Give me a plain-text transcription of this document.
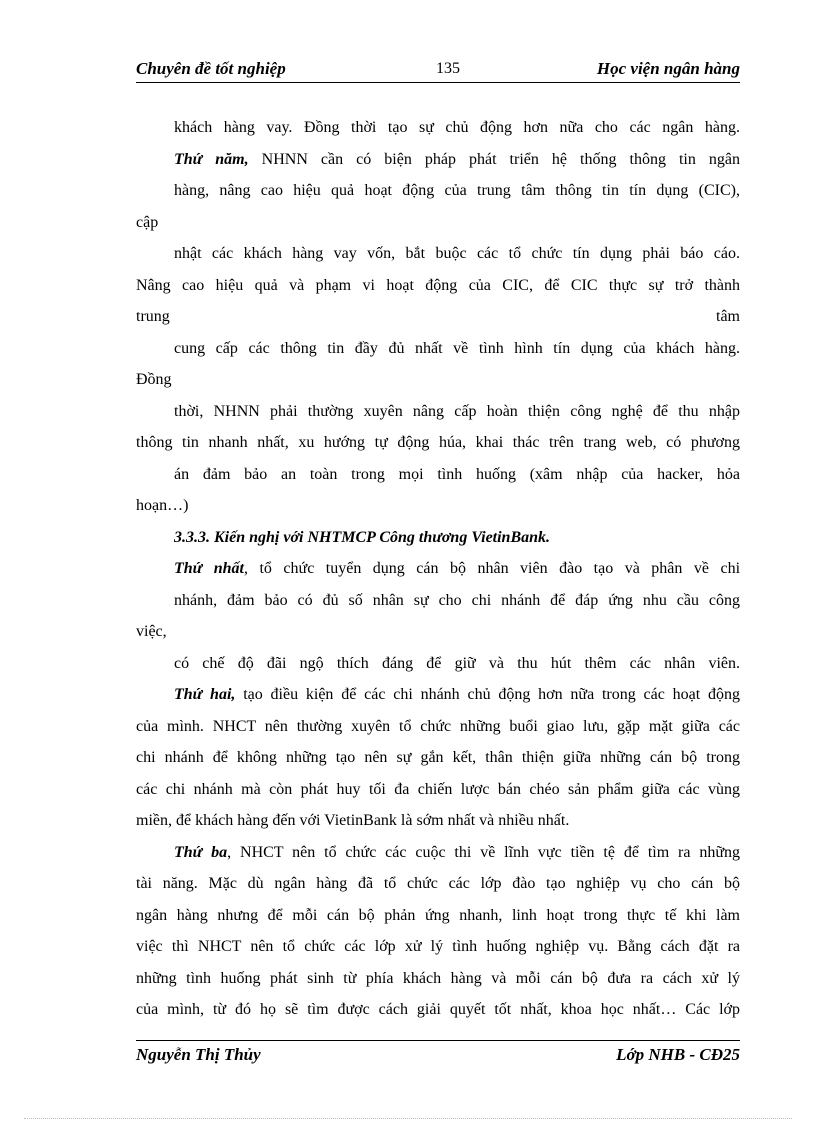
Chuyên đề tốt nghiệp	135	Học viện ngân hàng
khách hàng vay. Đồng thời tạo sự chủ động hơn nữa cho các ngân hàng.
Thứ năm, NHNN cần có biện pháp phát triển hệ thống thông tin ngân
hàng, nâng cao hiệu quả hoạt động của trung tâm thông tin tín dụng (CIC),
cập
nhật các khách hàng vay vốn, bắt buộc các tổ chức tín dụng phải báo cáo.
Nâng cao hiệu quả và phạm vi hoạt động của CIC, để CIC thực sự trở thành
trung	tâm
cung cấp các thông tin đầy đủ nhất về tình hình tín dụng của khách hàng.
Đồng
thời, NHNN phải thường xuyên nâng cấp hoàn thiện công nghệ để thu nhập
thông tin nhanh nhất, xu hướng tự động húa, khai thác trên trang web, có phương
án đảm bảo an toàn trong mọi tình huống (xâm nhập của hacker, hỏa
hoạn…)
3.3.3. Kiến nghị với NHTMCP Công thương VietinBank.
Thứ nhất, tổ chức tuyển dụng cán bộ nhân viên đào tạo và phân về chi
nhánh, đảm bảo có đủ số nhân sự cho chi nhánh để đáp ứng nhu cầu công
việc,
có chế độ đãi ngộ thích đáng để giữ và thu hút thêm các nhân viên.
Thứ hai, tạo điều kiện để các chi nhánh chủ động hơn nữa trong các hoạt động
của mình. NHCT nên thường xuyên tổ chức những buổi giao lưu, gặp mặt giữa các
chi nhánh để không những tạo nên sự gắn kết, thân thiện giữa những cán bộ trong
các chi nhánh mà còn phát huy tối đa chiến lược bán chéo sản phẩm giữa các vùng
miền, để khách hàng đến với VietinBank là sớm nhất và nhiều nhất.
Thứ ba, NHCT nên tổ chức các cuộc thi về lĩnh vực tiền tệ để tìm ra những
tài năng. Mặc dù ngân hàng đã tổ chức các lớp đào tạo nghiệp vụ cho cán bộ
ngân hàng nhưng để mỗi cán bộ phản ứng nhanh, linh hoạt trong thực tế khi làm
việc thì NHCT nên tổ chức các lớp xử lý tình huống nghiệp vụ. Bằng cách đặt ra
những tình huống phát sinh từ phía khách hàng và mỗi cán bộ đưa ra cách xử lý
của mình, từ đó họ sẽ tìm được cách giải quyết tốt nhất, khoa học nhất… Các lớp
Nguyễn Thị Thủy	Lớp NHB - CĐ25
